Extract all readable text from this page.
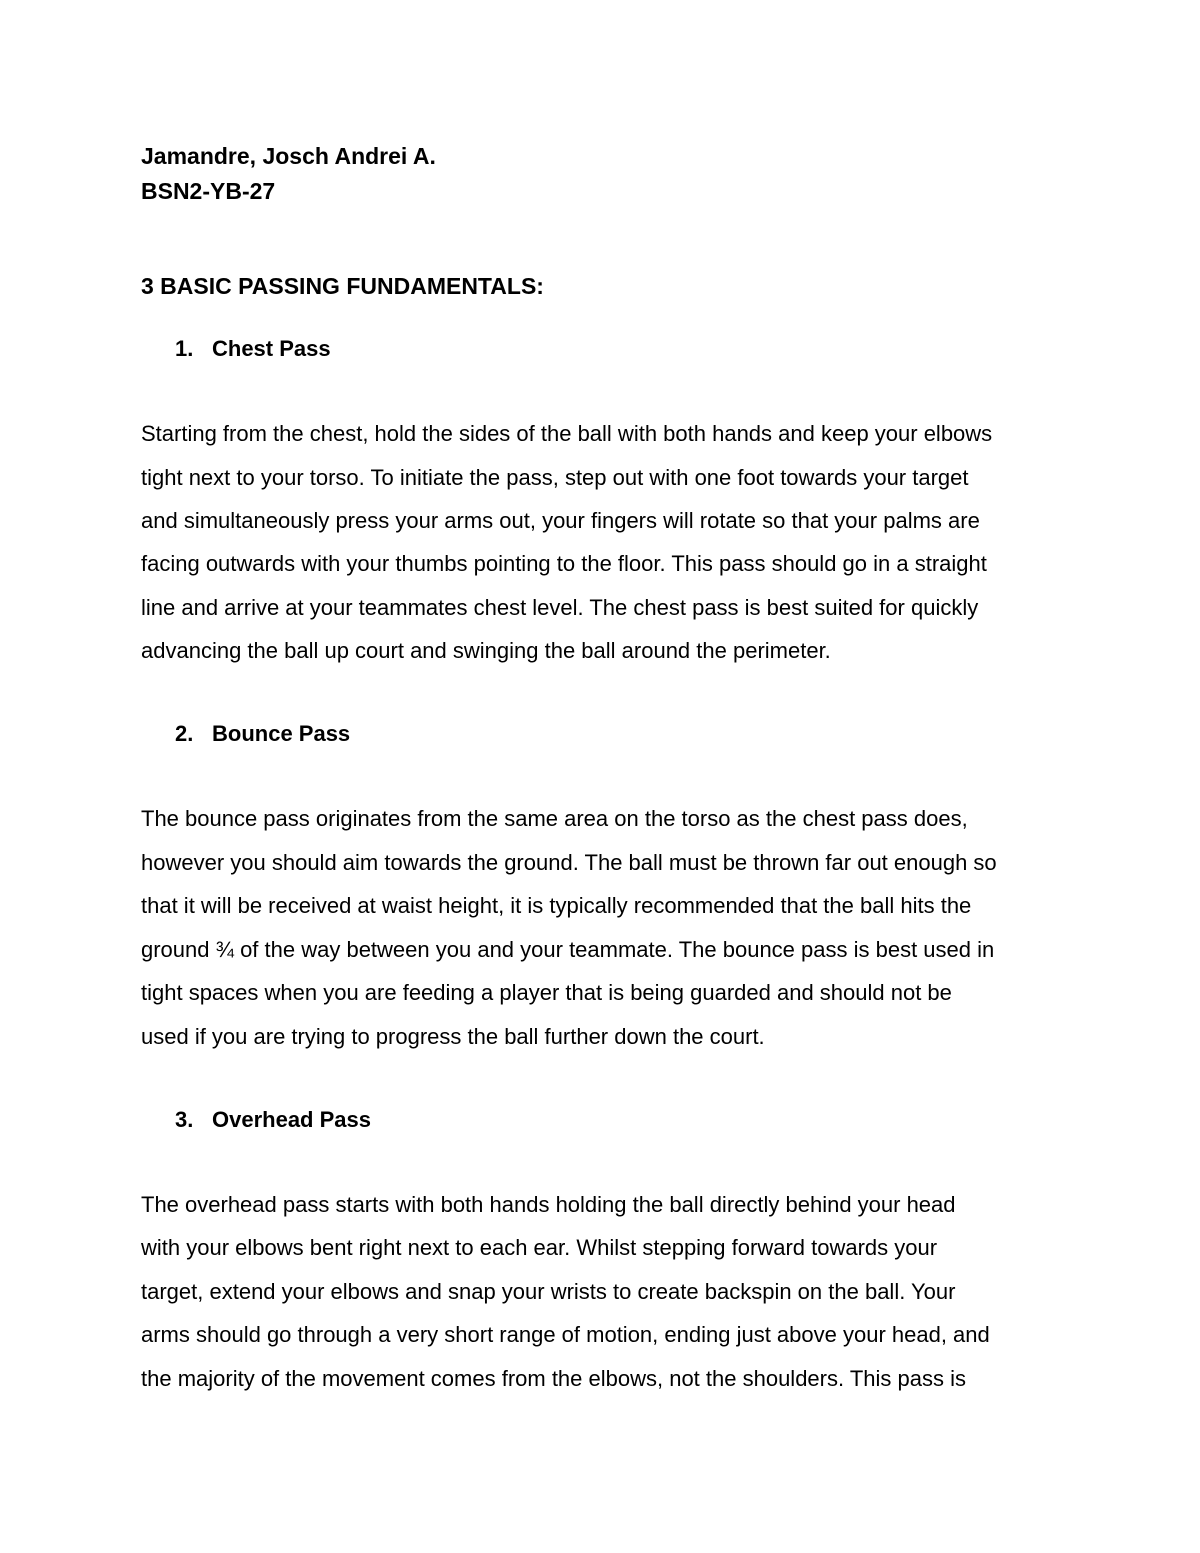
Jamandre, Josch Andrei A.
BSN2-YB-27
3 BASIC PASSING FUNDAMENTALS:
1. Chest Pass
Starting from the chest, hold the sides of the ball with both hands and keep your elbows
tight next to your torso. To initiate the pass, step out with one foot towards your target
and simultaneously press your arms out, your fingers will rotate so that your palms are
facing outwards with your thumbs pointing to the floor. This pass should go in a straight
line and arrive at your teammates chest level. The chest pass is best suited for quickly
advancing the ball up court and swinging the ball around the perimeter.
2. Bounce Pass
The bounce pass originates from the same area on the torso as the chest pass does,
however you should aim towards the ground. The ball must be thrown far out enough so
that it will be received at waist height, it is typically recommended that the ball hits the
ground ¾ of the way between you and your teammate. The bounce pass is best used in
tight spaces when you are feeding a player that is being guarded and should not be
used if you are trying to progress the ball further down the court.
3. Overhead Pass
The overhead pass starts with both hands holding the ball directly behind your head
with your elbows bent right next to each ear. Whilst stepping forward towards your
target, extend your elbows and snap your wrists to create backspin on the ball. Your
arms should go through a very short range of motion, ending just above your head, and
the majority of the movement comes from the elbows, not the shoulders. This pass is
